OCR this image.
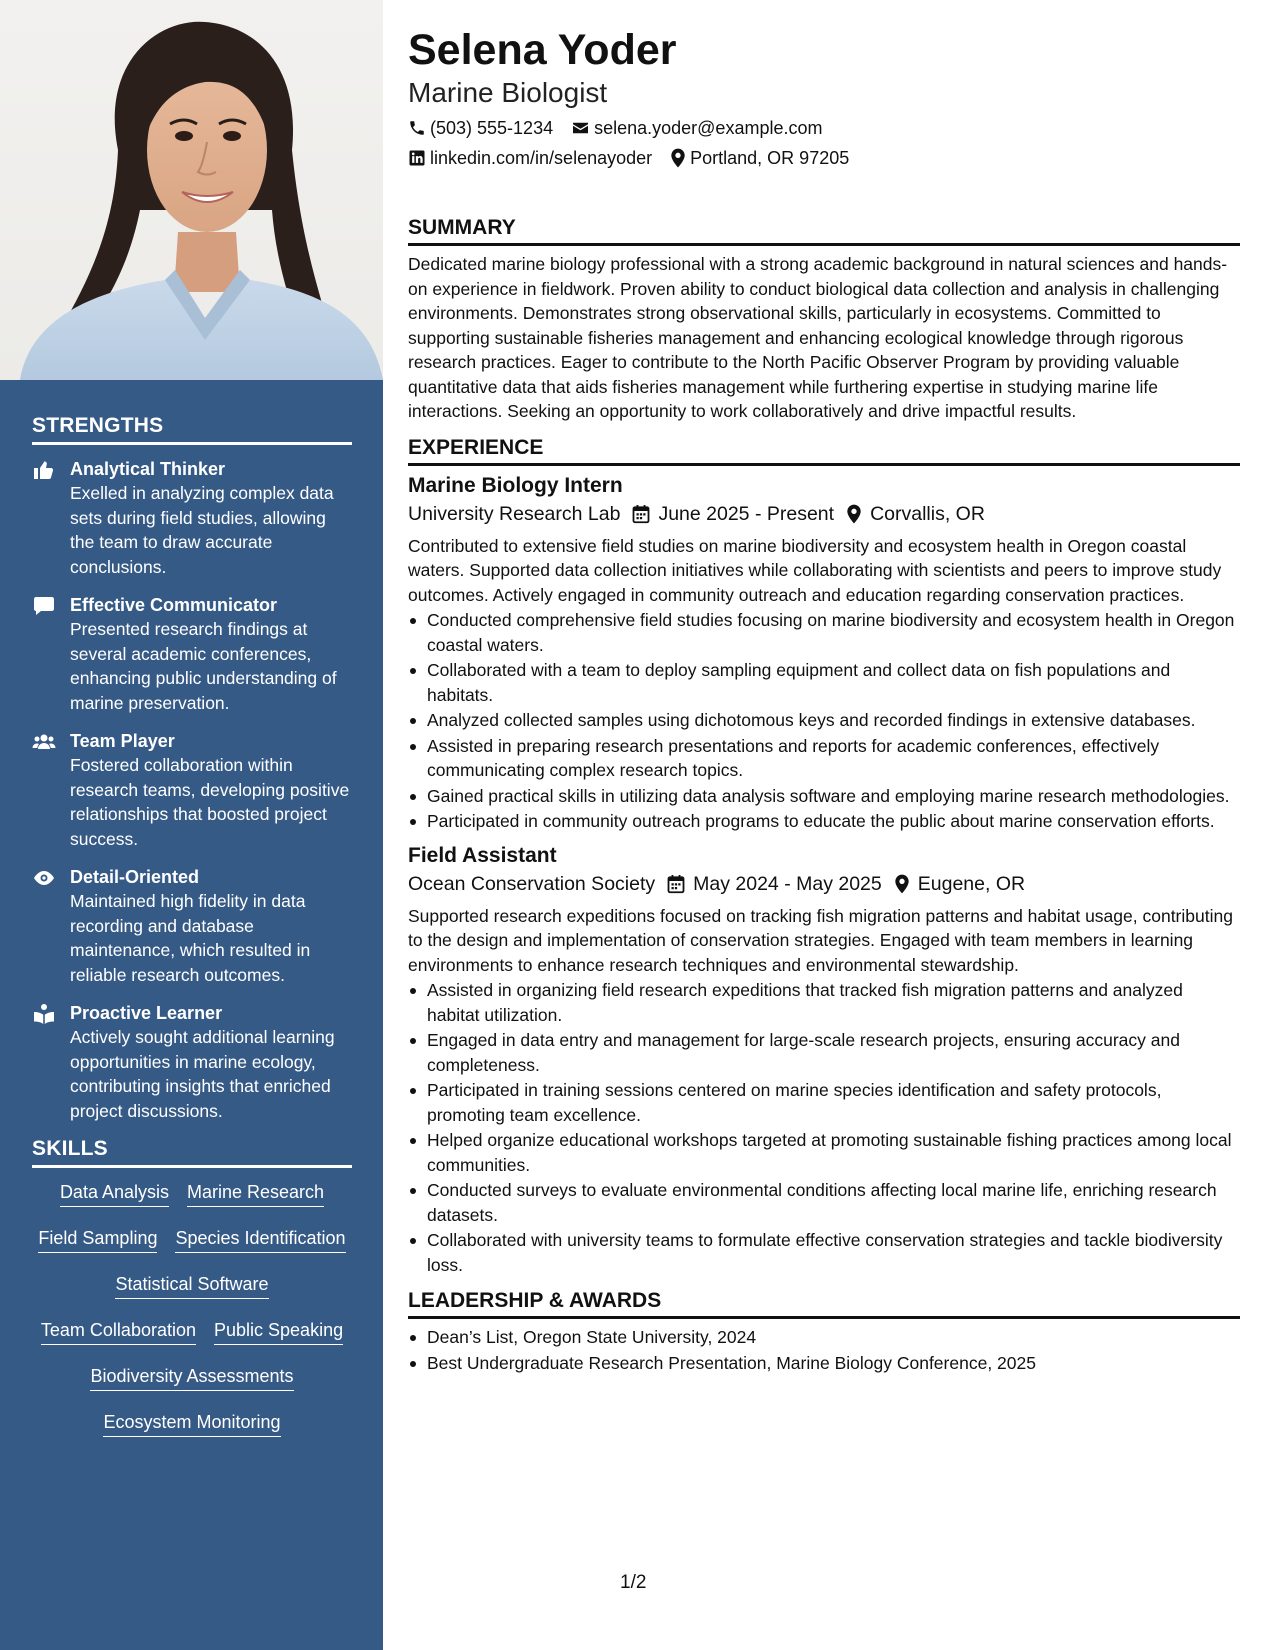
STRENGTHS
Analytical Thinker
Exelled in analyzing complex data sets during field studies, allowing the team to draw accurate conclusions.
Effective Communicator
Presented research findings at several academic conferences, enhancing public understanding of marine preservation.
Team Player
Fostered collaboration within research teams, developing positive relationships that boosted project success.
Detail-Oriented
Maintained high fidelity in data recording and database maintenance, which resulted in reliable research outcomes.
Proactive Learner
Actively sought additional learning opportunities in marine ecology, contributing insights that enriched project discussions.
SKILLS
Data Analysis Marine Research
Field Sampling Species Identification
Statistical Software
Team Collaboration Public Speaking
Biodiversity Assessments
Ecosystem Monitoring
Selena Yoder
Marine Biologist
(503) 555-1234 selena.yoder@example.com
linkedin.com/in/selenayoder Portland, OR 97205
SUMMARY

Dedicated marine biology professional with a strong academic background in natural sciences and hands-on experience in fieldwork. Proven ability to conduct biological data collection and analysis in challenging environments. Demonstrates strong observational skills, particularly in ecosystems. Committed to supporting sustainable fisheries management and enhancing ecological knowledge through rigorous research practices. Eager to contribute to the North Pacific Observer Program by providing valuable quantitative data that aids fisheries management while furthering expertise in studying marine life interactions. Seeking an opportunity to work collaboratively and drive impactful results.

EXPERIENCE
Marine Biology Intern
University Research Lab June 2025 - Present Corvallis, OR

Contributed to extensive field studies on marine biodiversity and ecosystem health in Oregon coastal waters. Supported data collection initiatives while collaborating with scientists and peers to improve study outcomes. Actively engaged in community outreach and education regarding conservation practices.

Conducted comprehensive field studies focusing on marine biodiversity and ecosystem health in Oregon coastal waters.
Collaborated with a team to deploy sampling equipment and collect data on fish populations and habitats.
Analyzed collected samples using dichotomous keys and recorded findings in extensive databases.
Assisted in preparing research presentations and reports for academic conferences, effectively communicating complex research topics.
Gained practical skills in utilizing data analysis software and employing marine research methodologies.
Participated in community outreach programs to educate the public about marine conservation efforts.
Field Assistant
Ocean Conservation Society May 2024 - May 2025 Eugene, OR

Supported research expeditions focused on tracking fish migration patterns and habitat usage, contributing to the design and implementation of conservation strategies. Engaged with team members in learning environments to enhance research techniques and environmental stewardship.

Assisted in organizing field research expeditions that tracked fish migration patterns and analyzed habitat utilization.
Engaged in data entry and management for large-scale research projects, ensuring accuracy and completeness.
Participated in training sessions centered on marine species identification and safety protocols, promoting team excellence.
Helped organize educational workshops targeted at promoting sustainable fishing practices among local communities.
Conducted surveys to evaluate environmental conditions affecting local marine life, enriching research datasets.
Collaborated with university teams to formulate effective conservation strategies and tackle biodiversity loss.
LEADERSHIP & AWARDS
Dean’s List, Oregon State University, 2024
Best Undergraduate Research Presentation, Marine Biology Conference, 2025
1/2
